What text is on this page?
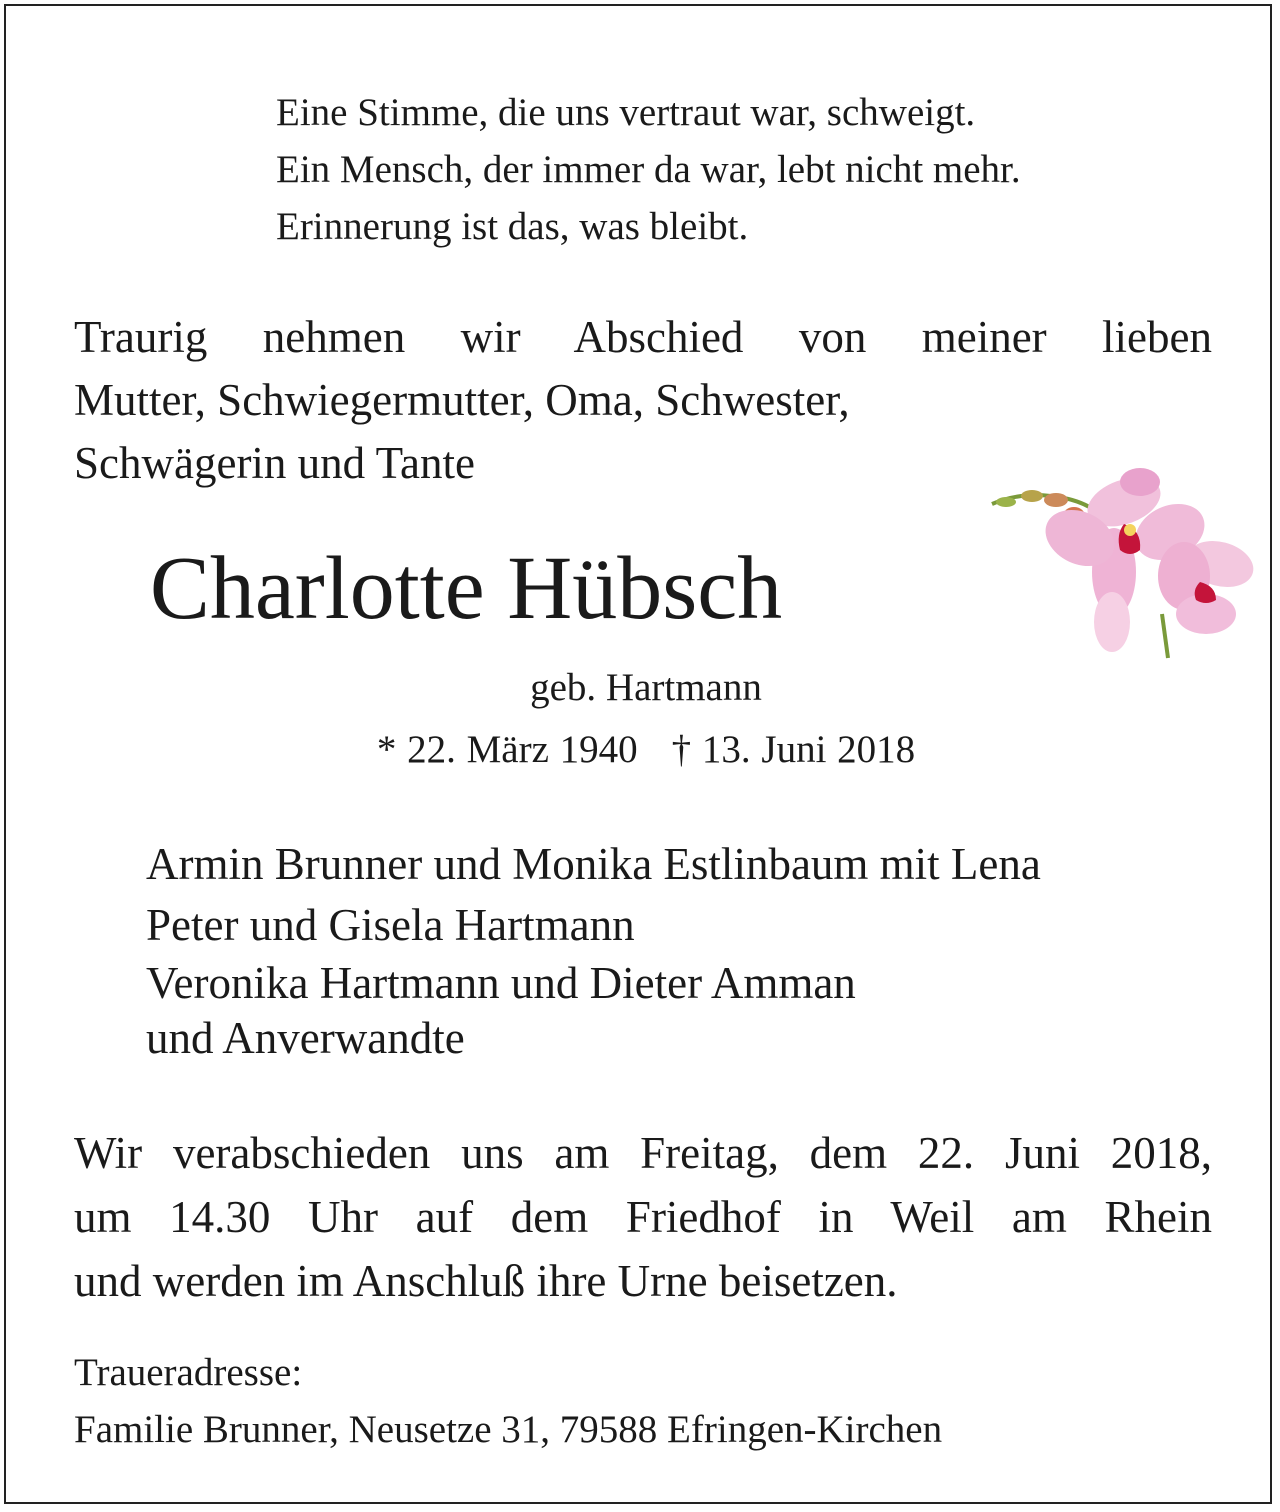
Eine Stimme, die uns vertraut war, schweigt.
Ein Mensch, der immer da war, lebt nicht mehr.
Erinnerung ist das, was bleibt.
Traurig nehmen wir Abschied von meiner lieben
Mutter, Schwiegermutter, Oma, Schwester,
Schwägerin und Tante
Charlotte Hübsch
geb. Hartmann
* 22. März 1940 † 13. Juni 2018
Armin Brunner und Monika Estlinbaum mit Lena
Peter und Gisela Hartmann
Veronika Hartmann und Dieter Amman
und Anverwandte
Wir verabschieden uns am Freitag, dem 22. Juni 2018,
um 14.30 Uhr auf dem Friedhof in Weil am Rhein
und werden im Anschluß ihre Urne beisetzen.
Traueradresse:
Familie Brunner, Neusetze 31, 79588 Efringen-Kirchen
